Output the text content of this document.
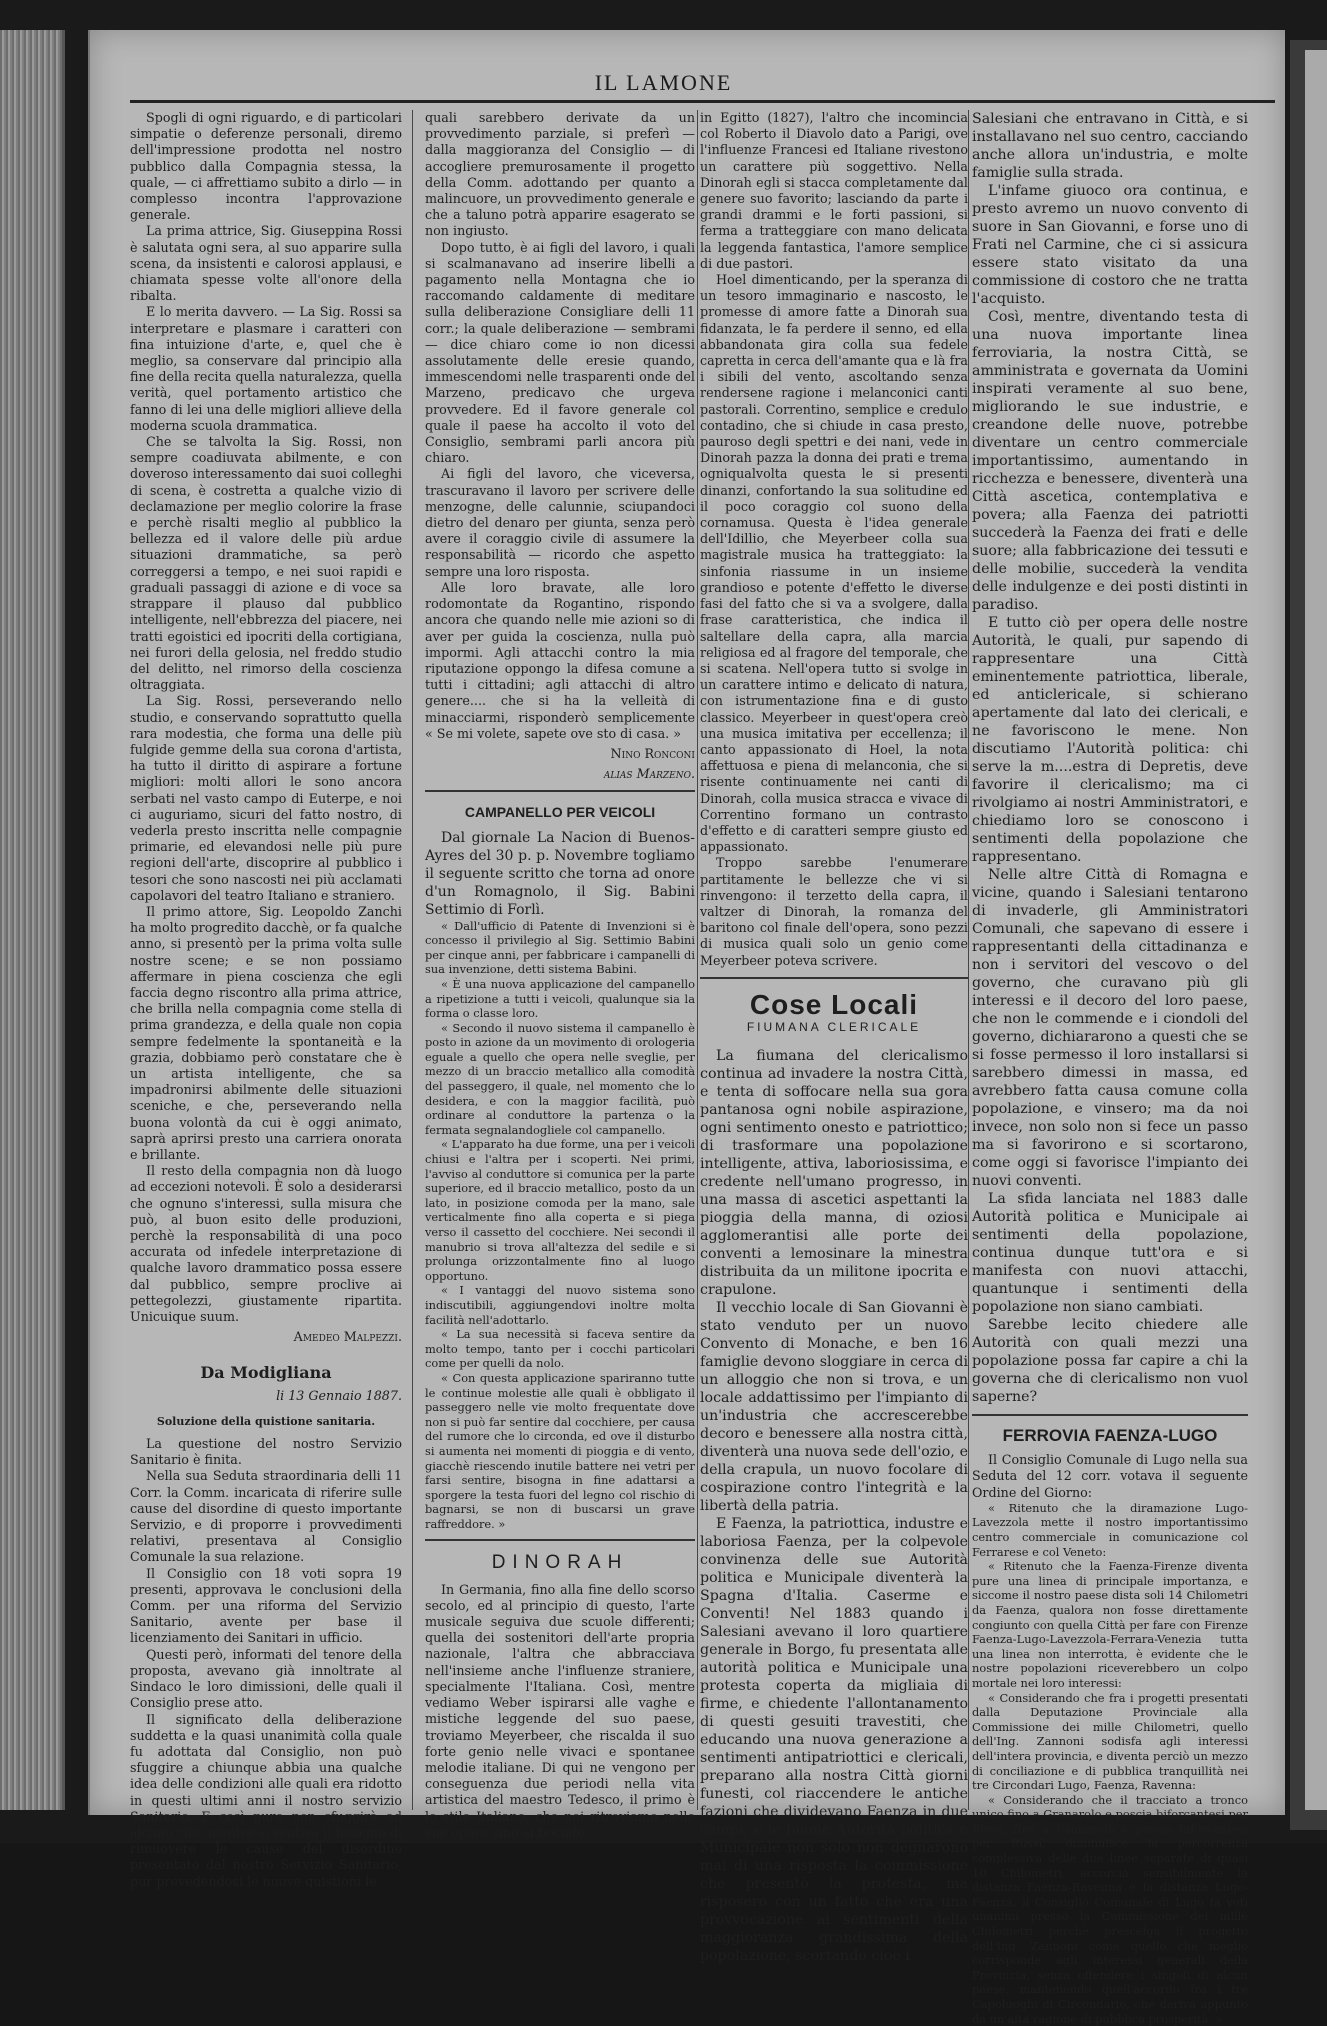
IL LAMONE

Spogli di ogni riguardo, e di particolari simpatie o deferenze personali, diremo dell'impressione prodotta nel nostro pubblico dalla Compagnia stessa, la quale, — ci affrettiamo subito a dirlo — in complesso incontra l'approvazione generale.

La prima attrice, Sig. Giuseppina Rossi è salutata ogni sera, al suo apparire sulla scena, da insistenti e calorosi applausi, e chiamata spesse volte all'onore della ribalta.

E lo merita davvero. — La Sig. Rossi sa interpretare e plasmare i caratteri con fina intuizione d'arte, e, quel che è meglio, sa conservare dal principio alla fine della recita quella naturalezza, quella verità, quel portamento artistico che fanno di lei una delle migliori allieve della moderna scuola drammatica.

Che se talvolta la Sig. Rossi, non sempre coadiuvata abilmente, e con doveroso interessamento dai suoi colleghi di scena, è costretta a qualche vizio di declamazione per meglio colorire la frase e perchè risalti meglio al pubblico la bellezza ed il valore delle più ardue situazioni drammatiche, sa però correggersi a tempo, e nei suoi rapidi e graduali passaggi di azione e di voce sa strappare il plauso dal pubblico intelligente, nell'ebbrezza del piacere, nei tratti egoistici ed ipocriti della cortigiana, nei furori della gelosia, nel freddo studio del delitto, nel rimorso della coscienza oltraggiata.

La Sig. Rossi, perseverando nello studio, e conservando soprattutto quella rara modestia, che forma una delle più fulgide gemme della sua corona d'artista, ha tutto il diritto di aspirare a fortune migliori: molti allori le sono ancora serbati nel vasto campo di Euterpe, e noi ci auguriamo, sicuri del fatto nostro, di vederla presto inscritta nelle compagnie primarie, ed elevandosi nelle più pure regioni dell'arte, discoprire al pubblico i tesori che sono nascosti nei più acclamati capolavori del teatro Italiano e straniero.

Il primo attore, Sig. Leopoldo Zanchi ha molto progredito dacchè, or fa qualche anno, si presentò per la prima volta sulle nostre scene; e se non possiamo affermare in piena coscienza che egli faccia degno riscontro alla prima attrice, che brilla nella compagnia come stella di prima grandezza, e della quale non copia sempre fedelmente la spontaneità e la grazia, dobbiamo però constatare che è un artista intelligente, che sa impadronirsi abilmente delle situazioni sceniche, e che, perseverando nella buona volontà da cui è oggi animato, saprà aprirsi presto una carriera onorata e brillante.

Il resto della compagnia non dà luogo ad eccezioni notevoli. È solo a desiderarsi che ognuno s'interessi, sulla misura che può, al buon esito delle produzioni, perchè la responsabilità di una poco accurata od infedele interpretazione di qualche lavoro drammatico possa essere dal pubblico, sempre proclive ai pettegolezzi, giustamente ripartita. Unicuique suum.

Amedeo Malpezzi.
Da Modigliana
li 13 Gennaio 1887.
Soluzione della quistione sanitaria.

La questione del nostro Servizio Sanitario è finita.

Nella sua Seduta straordinaria delli 11 Corr. la Comm. incaricata di riferire sulle cause del disordine di questo importante Servizio, e di proporre i provvedimenti relativi, presentava al Consiglio Comunale la sua relazione.

Il Consiglio con 18 voti sopra 19 presenti, approvava le conclusioni della Comm. per una riforma del Servizio Sanitario, avente per base il licenziamento dei Sanitari in ufficio.

Questi però, informati del tenore della proposta, avevano già innoltrate al Sindaco le loro dimissioni, delle quali il Consiglio prese atto.

Il significato della deliberazione suddetta e la quasi unanimità colla quale fu adottata dal Consiglio, non può sfuggire a chiunque abbia una qualche idea delle condizioni alle quali era ridotto in questi ultimi anni il nostro servizio Sanitario. E così pure non sfuggirà ad alcuno che, mentre si sentiva il bisogno di rimuovere le cause del disordine presentato dal nostro Servizio Sanitario, pur prevedendosi le nuove quistioni le

quali sarebbero derivate da un provvedimento parziale, si preferì — dalla maggioranza del Consiglio — di accogliere premurosamente il progetto della Comm. adottando per quanto a malincuore, un provvedimento generale e che a taluno potrà apparire esagerato se non ingiusto.

Dopo tutto, è ai figli del lavoro, i quali si scalmanavano ad inserire libelli a pagamento nella Montagna che io raccomando caldamente di meditare sulla deliberazione Consigliare delli 11 corr.; la quale deliberazione — sembrami — dice chiaro come io non dicessi assolutamente delle eresie quando, immescendomi nelle trasparenti onde del Marzeno, predicavo che urgeva provvedere. Ed il favore generale col quale il paese ha accolto il voto del Consiglio, sembrami parli ancora più chiaro.

Ai figli del lavoro, che viceversa, trascuravano il lavoro per scrivere delle menzogne, delle calunnie, sciupandoci dietro del denaro per giunta, senza però avere il coraggio civile di assumere la responsabilità — ricordo che aspetto sempre una loro risposta.

Alle loro bravate, alle loro rodomontate da Rogantino, rispondo ancora che quando nelle mie azioni so di aver per guida la coscienza, nulla può impormi. Agli attacchi contro la mia riputazione oppongo la difesa comune a tutti i cittadini; agli attacchi di altro genere.... che si ha la velleità di minacciarmi, risponderò semplicemente « Se mi volete, sapete ove sto di casa. »

Nino Ronconi
alias Marzeno.
CAMPANELLO PER VEICOLI

Dal giornale La Nacion di Buenos-Ayres del 30 p. p. Novembre togliamo il seguente scritto che torna ad onore d'un Romagnolo, il Sig. Babini Settimio di Forlì.

« Dall'ufficio di Patente di Invenzioni si è concesso il privilegio al Sig. Settimio Babini per cinque anni, per fabbricare i campanelli di sua invenzione, detti sistema Babini.

« È una nuova applicazione del campanello a ripetizione a tutti i veicoli, qualunque sia la forma o classe loro.

« Secondo il nuovo sistema il campanello è posto in azione da un movimento di orologeria eguale a quello che opera nelle sveglie, per mezzo di un braccio metallico alla comodità del passeggero, il quale, nel momento che lo desidera, e con la maggior facilità, può ordinare al conduttore la partenza o la fermata segnalandogliele col campanello.

« L'apparato ha due forme, una per i veicoli chiusi e l'altra per i scoperti. Nei primi, l'avviso al conduttore si comunica per la parte superiore, ed il braccio metallico, posto da un lato, in posizione comoda per la mano, sale verticalmente fino alla coperta e si piega verso il cassetto del cocchiere. Nei secondi il manubrio si trova all'altezza del sedile e si prolunga orizzontalmente fino al luogo opportuno.

« I vantaggi del nuovo sistema sono indiscutibili, aggiungendovi inoltre molta facilità nell'adottarlo.

« La sua necessità si faceva sentire da molto tempo, tanto per i cocchi particolari come per quelli da nolo.

« Con questa applicazione spariranno tutte le continue molestie alle quali è obbligato il passeggero nelle vie molto frequentate dove non si può far sentire dal cocchiere, per causa del rumore che lo circonda, ed ove il disturbo si aumenta nei momenti di pioggia e di vento, giacchè riescendo inutile battere nei vetri per farsi sentire, bisogna in fine adattarsi a sporgere la testa fuori del legno col rischio di bagnarsi, se non di buscarsi un grave raffreddore. »

DINORAH

In Germania, fino alla fine dello scorso secolo, ed al principio di questo, l'arte musicale seguiva due scuole differenti; quella dei sostenitori dell'arte propria nazionale, l'altra che abbracciava nell'insieme anche l'influenze straniere, specialmente l'Italiana. Così, mentre vediamo Weber ispirarsi alle vaghe e mistiche leggende del suo paese, troviamo Meyerbeer, che riscalda il suo forte genio nelle vivaci e spontanee melodie italiane. Di qui ne vengono per conseguenza due periodi nella vita artistica del maestro Tedesco, il primo è lo stile Italiano, che noi ritroviamo nelle sue opere sino al bociato

in Egitto (1827), l'altro che incomincia col Roberto il Diavolo dato a Parigi, ove l'influenze Francesi ed Italiane rivestono un carattere più soggettivo. Nella Dinorah egli si stacca completamente dal genere suo favorito; lasciando da parte i grandi drammi e le forti passioni, si ferma a tratteggiare con mano delicata la leggenda fantastica, l'amore semplice di due pastori.

Hoel dimenticando, per la speranza di un tesoro immaginario e nascosto, le promesse di amore fatte a Dinorah sua fidanzata, le fa perdere il senno, ed ella abbandonata gira colla sua fedele capretta in cerca dell'amante qua e là fra i sibili del vento, ascoltando senza rendersene ragione i melanconici canti pastorali. Correntino, semplice e credulo contadino, che si chiude in casa presto, pauroso degli spettri e dei nani, vede in Dinorah pazza la donna dei prati e trema ogniqualvolta questa le si presenti dinanzi, confortando la sua solitudine ed il poco coraggio col suono della cornamusa. Questa è l'idea generale dell'Idillio, che Meyerbeer colla sua magistrale musica ha tratteggiato: la sinfonia riassume in un insieme grandioso e potente d'effetto le diverse fasi del fatto che si va a svolgere, dalla frase caratteristica, che indica il saltellare della capra, alla marcia religiosa ed al fragore del temporale, che si scatena. Nell'opera tutto si svolge in un carattere intimo e delicato di natura, con istrumentazione fina e di gusto classico. Meyerbeer in quest'opera creò una musica imitativa per eccellenza; il canto appassionato di Hoel, la nota affettuosa e piena di melanconia, che si risente continuamente nei canti di Dinorah, colla musica stracca e vivace di Correntino formano un contrasto d'effetto e di caratteri sempre giusto ed appassionato.

Troppo sarebbe l'enumerare partitamente le bellezze che vi si rinvengono: il terzetto della capra, il valtzer di Dinorah, la romanza del baritono col finale dell'opera, sono pezzi di musica quali solo un genio come Meyerbeer poteva scrivere.

Cose Locali
FIUMANA CLERICALE

La fiumana del clericalismo continua ad invadere la nostra Città, e tenta di soffocare nella sua gora pantanosa ogni nobile aspirazione, ogni sentimento onesto e patriottico; di trasformare una popolazione intelligente, attiva, laboriosissima, e credente nell'umano progresso, in una massa di ascetici aspettanti la pioggia della manna, di oziosi agglomerantisi alle porte dei conventi a lemosinare la minestra distribuita da un militone ipocrita e crapulone.

Il vecchio locale di San Giovanni è stato venduto per un nuovo Convento di Monache, e ben 16 famiglie devono sloggiare in cerca di un alloggio che non si trova, e un locale addattissimo per l'impianto di un'industria che accrescerebbe decoro e benessere alla nostra città, diventerà una nuova sede dell'ozio, e della crapula, un nuovo focolare di cospirazione contro l'integrità e la libertà della patria.

E Faenza, la patriottica, industre e laboriosa Faenza, per la colpevole convinenza delle sue Autorità politica e Municipale diventerà la Spagna d'Italia. Caserme e Conventi! Nel 1883 quando i Salesiani avevano il loro quartiere generale in Borgo, fu presentata alle autorità politica e Municipale una protesta coperta da migliaia di firme, e chiedente l'allontanamento di questi gesuiti travestiti, che educando una nuova generazione a sentimenti antipatriottici e clericali, preparano alla nostra Città giorni funesti, col riaccendere le antiche fazioni che dividevano Faenza in due campi; e le buone Autorità politica e Municipale non solo non degnarono mai di una risposta la commissione che presentò la protesta, ma risposero con un fatto che era una provvocazione ai sentimenti della maggioranza grandissima della popolazione, scortando cioè i

Salesiani che entravano in Città, e si installavano nel suo centro, cacciando anche allora un'industria, e molte famiglie sulla strada.

L'infame giuoco ora continua, e presto avremo un nuovo convento di suore in San Giovanni, e forse uno di Frati nel Carmine, che ci si assicura essere stato visitato da una commissione di costoro che ne tratta l'acquisto.

Così, mentre, diventando testa di una nuova importante linea ferroviaria, la nostra Città, se amministrata e governata da Uomini inspirati veramente al suo bene, migliorando le sue industrie, e creandone delle nuove, potrebbe diventare un centro commerciale importantissimo, aumentando in ricchezza e benessere, diventerà una Città ascetica, contemplativa e povera; alla Faenza dei patriotti succederà la Faenza dei frati e delle suore; alla fabbricazione dei tessuti e delle mobilie, succederà la vendita delle indulgenze e dei posti distinti in paradiso.

E tutto ciò per opera delle nostre Autorità, le quali, pur sapendo di rappresentare una Città eminentemente patriottica, liberale, ed anticlericale, si schierano apertamente dal lato dei clericali, e ne favoriscono le mene. Non discutiamo l'Autorità politica: chi serve la m....estra di Depretis, deve favorire il clericalismo; ma ci rivolgiamo ai nostri Amministratori, e chiediamo loro se conoscono i sentimenti della popolazione che rappresentano.

Nelle altre Città di Romagna e vicine, quando i Salesiani tentarono di invaderle, gli Amministratori Comunali, che sapevano di essere i rappresentanti della cittadinanza e non i servitori del vescovo o del governo, che curavano più gli interessi e il decoro del loro paese, che non le commende e i ciondoli del governo, dichiararono a questi che se si fosse permesso il loro installarsi si sarebbero dimessi in massa, ed avrebbero fatta causa comune colla popolazione, e vinsero; ma da noi invece, non solo non si fece un passo ma si favorirono e si scortarono, come oggi si favorisce l'impianto dei nuovi conventi.

La sfida lanciata nel 1883 dalle Autorità politica e Municipale ai sentimenti della popolazione, continua dunque tutt'ora e si manifesta con nuovi attacchi, quantunque i sentimenti della popolazione non siano cambiati.

Sarebbe lecito chiedere alle Autorità con quali mezzi una popolazione possa far capire a chi la governa che di clericalismo non vuol saperne?

FERROVIA FAENZA-LUGO

Il Consiglio Comunale di Lugo nella sua Seduta del 12 corr. votava il seguente Ordine del Giorno:

« Ritenuto che la diramazione Lugo-Lavezzola mette il nostro importantissimo centro commerciale in comunicazione col Ferrarese e col Veneto:

« Ritenuto che la Faenza-Firenze diventa pure una linea di principale importanza, e siccome il nostro paese dista soli 14 Chilometri da Faenza, qualora non fosse direttamente congiunto con quella Città per fare con Firenze Faenza-Lugo-Lavezzola-Ferrara-Venezia tutta una linea non interrotta, è evidente che le nostre popolazioni riceverebbero un colpo mortale nei loro interessi:

« Considerando che fra i progetti presentati dalla Deputazione Provinciale alla Commissione dei mille Chilometri, quello dell'Ing. Zannoni sodisfa agli interessi dell'intera provincia, e diventa perciò un mezzo di conciliazione e di pubblica tranquillità nei tre Circondari Lugo, Faenza, Ravenna:

« Considerando che il tracciato a tronco unico fino a Granarolo e poscia biforcantesi per Russi, fino a Granarolo e poscia biforcantesi per Russi, diminuisce la percorrenza complessiva delle due linee separate di quasi 10 Chilometri, accorcia sensibilmente la distanza Faenza-Ravenna e la distanza Lugo-Faenza, il Consiglio Comunale di Lugo fa voti unanimi presso la Commissione dei mille Chilometri perchè prescelga il progetto dell'Ing. Zannoni come quello che meglio corrisponde agli interessi generali della Provincia, senza offendere i singoli di alcun paese, mantenendo quell'accordo fra i tre Capoluoghi di Circondario, che deriva appunto da un'alta ragione di pubblica prosperità. »
